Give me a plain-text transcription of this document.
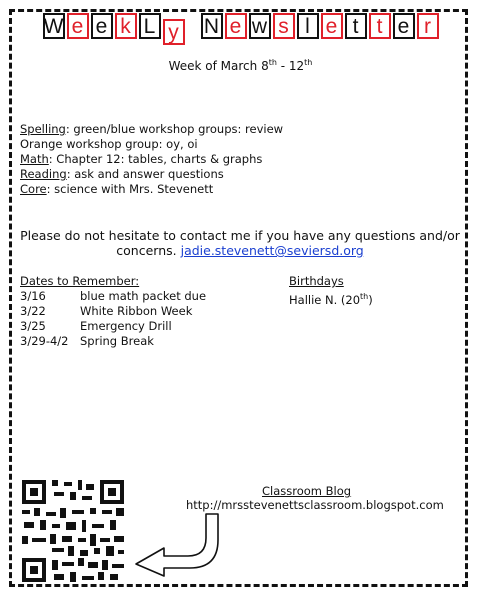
W e e k L y N e w s l e t t e r
Week of March 8th - 12th
Spelling: green/blue workshop groups: review
Orange workshop group: oy, oi
Math: Chapter 12: tables, charts & graphs
Reading: ask and answer questions
Core: science with Mrs. Stevenett
Please do not hesitate to contact me if you have any questions and/or
concerns. jadie.stevenett@seviersd.org
Dates to Remember:
3/16	blue math packet due
3/22	White Ribbon Week
3/25	Emergency Drill
3/29-4/2	Spring Break
Birthdays
Hallie N. (20th)
Classroom Blog
http://mrsstevenettsclassroom.blogspot.com
